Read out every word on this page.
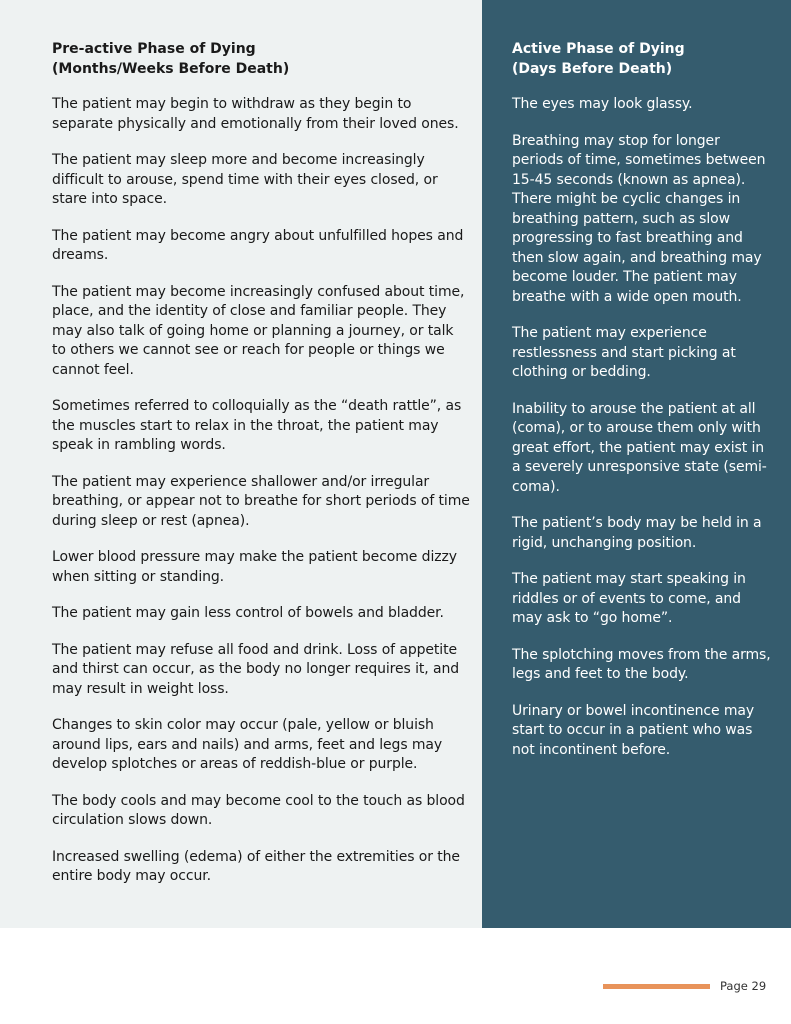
Pre-active Phase of Dying
(Months/Weeks Before Death)

The patient may begin to withdraw as they begin to separate physically and emotionally from their loved ones.

The patient may sleep more and become increasingly difficult to arouse, spend time with their eyes closed, or stare into space.

The patient may become angry about unfulfilled hopes and dreams.

The patient may become increasingly confused about time, place, and the identity of close and familiar people. They may also talk of going home or planning a journey, or talk to others we cannot see or reach for people or things we cannot feel.

Sometimes referred to colloquially as the “death rattle”, as the muscles start to relax in the throat, the patient may speak in rambling words.

The patient may experience shallower and/or irregular breathing, or appear not to breathe for short periods of time during sleep or rest (apnea).

Lower blood pressure may make the patient become dizzy when sitting or standing.

The patient may gain less control of bowels and bladder.

The patient may refuse all food and drink. Loss of appetite and thirst can occur, as the body no longer requires it, and may result in weight loss.

Changes to skin color may occur (pale, yellow or bluish around lips, ears and nails) and arms, feet and legs may develop splotches or areas of reddish-blue or purple.

The body cools and may become cool to the touch as blood circulation slows down.

Increased swelling (edema) of either the extremities or the entire body may occur.

Active Phase of Dying
(Days Before Death)

The eyes may look glassy.

Breathing may stop for longer periods of time, sometimes between 15-45 seconds (known as apnea). There might be cyclic changes in breathing pattern, such as slow progressing to fast breathing and then slow again, and breathing may become louder. The patient may breathe with a wide open mouth.

The patient may experience restlessness and start picking at clothing or bedding.

Inability to arouse the patient at all (coma), or to arouse them only with great effort, the patient may exist in a severely unresponsive state (semi-coma).

The patient’s body may be held in a rigid, unchanging position.

The patient may start speaking in riddles or of events to come, and may ask to “go home”.

The splotching moves from the arms, legs and feet to the body.

Urinary or bowel incontinence may start to occur in a patient who was not incontinent before.

Page 29
